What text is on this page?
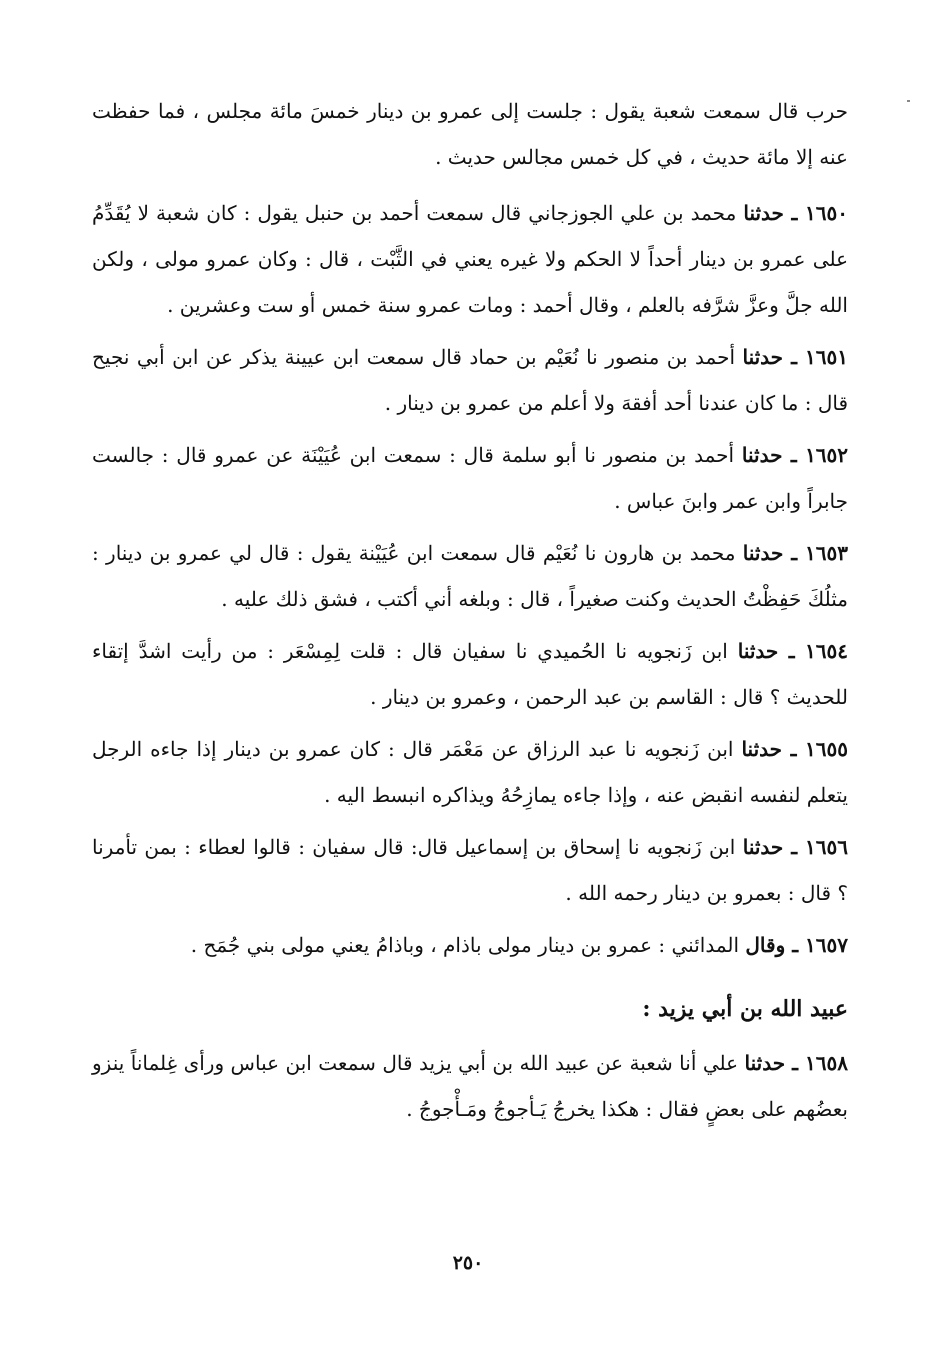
حرب قال سمعت شعبة يقول : جلست إلى عمرو بن دينار خمسَ مائة مجلس ، فما حفظت عنه إلا مائة حديث ، في كل خمس مجالس حديث .

١٦٥٠ ـ حدثنا محمد بن علي الجوزجاني قال سمعت أحمد بن حنبل يقول : كان شعبة لا يُقَدِّمُ على عمرو بن دينار أحداً لا الحكم ولا غيره يعني في الثَّبْت ، قال : وكان عمرو مولى ، ولكن الله جلَّ وعزَّ شرَّفه بالعلم ، وقال أحمد : ومات عمرو سنة خمس أو ست وعشرين .

١٦٥١ ـ حدثنا أحمد بن منصور نا نُعَيْم بن حماد قال سمعت ابن عيينة يذكر عن ابن أبي نجيح قال : ما كان عندنا أحد أفقهَ ولا أعلم من عمرو بن دينار .

١٦٥٢ ـ حدثنا أحمد بن منصور نا أبو سلمة قال : سمعت ابن عُيَيْنَة عن عمرو قال : جالست جابراً وابن عمر وابنَ عباس .

١٦٥٣ ـ حدثنا محمد بن هارون نا نُعَيْم قال سمعت ابن عُيَيْنة يقول : قال لي عمرو بن دينار : مثلُكَ حَفِظْتُ الحديث وكنت صغيراً ، قال : وبلغه أني أكتب ، فشق ذلك عليه .

١٦٥٤ ـ حدثنا ابن زَنجويه نا الحُميدي نا سفيان قال : قلت لِمِسْعَر : من رأيت اشدَّ إتقاء للحديث ؟ قال : القاسم بن عبد الرحمن ، وعمرو بن دينار .

١٦٥٥ ـ حدثنا ابن زَنجويه نا عبد الرزاق عن مَعْمَر قال : كان عمرو بن دينار إذا جاءه الرجل يتعلم لنفسه انقبض عنه ، وإذا جاءه يمازِحُهُ ويذاكره انبسط اليه .

١٦٥٦ ـ حدثنا ابن زَنجويه نا إسحاق بن إسماعيل قال: قال سفيان : قالوا لعطاء : بمن تأمرنا ؟ قال : بعمرو بن دينار رحمه الله .

١٦٥٧ ـ وقال المدائني : عمرو بن دينار مولى باذام ، وباذامُ يعني مولى بني جُمَح .

عبيد الله بن أبي يزيد :

١٦٥٨ ـ حدثنا علي أنا شعبة عن عبيد الله بن أبي يزيد قال سمعت ابن عباس ورأى غِلماناً ينزو بعضُهم على بعضٍ فقال : هكذا يخرجُ يَـأجوجُ ومَـأْجوجُ .

٢٥٠
